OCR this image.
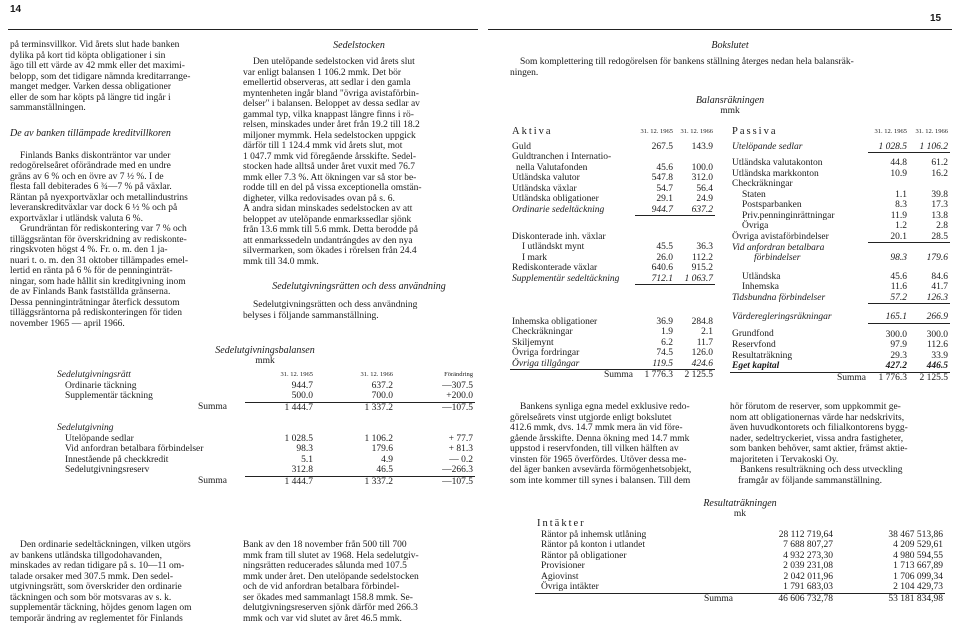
14
15
på terminsvillkor. Vid årets slut hade banken
dylika på kort tid köpta obligationer i sin
ägo till ett värde av 42 mmk eller det maximi-
belopp, som det tidigare nämnda kreditarrange-
manget medger. Varken dessa obligationer
eller de som har köpts på längre tid ingår i
sammanställningen.
De av banken tillämpade kreditvillkoren
Finlands Banks diskonträntor var under
redogörelseåret oförändrade med en undre
gräns av 6 % och en övre av 7 ½ %. I de
flesta fall debiterades 6 ¾—7 % på växlar.
Räntan på nyexportväxlar och metallindustrins
leveranskreditväxlar var dock 6 ½ % och på
exportväxlar i utländsk valuta 6 %.
Grundräntan för rediskontering var 7 % och
tilläggsräntan för överskridning av rediskonte-
ringskvoten högst 4 %. Fr. o. m. den 1 ja-
nuari t. o. m. den 31 oktober tillämpades emel-
lertid en ränta på 6 % för de penninginträt-
ningar, som hade hållit sin kreditgivning inom
de av Finlands Bank fastställda gränserna.
Dessa penninginträtningar återfick dessutom
tilläggsräntorna på rediskonteringen för tiden
november 1965 — april 1966.
Sedelstocken
Den utelöpande sedelstocken vid årets slut
var enligt balansen 1 106.2 mmk. Det bör
emellertid observeras, att sedlar i den gamla
myntenheten ingår bland "övriga avistaförbin-
delser" i balansen. Beloppet av dessa sedlar av
gammal typ, vilka knappast längre finns i rö-
relsen, minskades under året från 19.2 till 18.2
miljoner mymmk. Hela sedelstocken uppgick
därför till 1 124.4 mmk vid årets slut, mot
1 047.7 mmk vid föregående årsskifte. Sedel-
stocken hade alltså under året vuxit med 76.7
mmk eller 7.3 %. Att ökningen var så stor be-
rodde till en del på vissa exceptionella omstän-
digheter, vilka redovisades ovan på s. 6.
Å andra sidan minskades sedelstocken av att
beloppet av utelöpande enmarkssedlar sjönk
från 13.6 mmk till 5.6 mmk. Detta berodde på
att enmarkssedeln undantrángdes av den nya
silvermarken, som ökades i rörelsen från 24.4
mmk till 34.0 mmk.
Sedelutgivningsrätten och dess användning
Sedelutgivningsrätten och dess användning
belyses i följande sammanställning.
Sedelutgivningsbalansen
mmk
Sedelutgivningsrätt	31. 12. 1965	31. 12. 1966	Förändring
Ordinarie täckning	944.7	637.2	—307.5
Supplementär täckning	500.0	700.0	+200.0
Summa	1 444.7	1 337.2	—107.5
Sedelutgivning			
Utelöpande sedlar	1 028.5	1 106.2	+ 77.7
Vid anfordran betalbara förbindelser	98.3	179.6	+ 81.3
Innestående på checkkredit	5.1	4.9	— 0.2
Sedelutgivningsreserv	312.8	46.5	—266.3
Summa	1 444.7	1 337.2	—107.5
Den ordinarie sedeltäckningen, vilken utgörs
av bankens utländska tillgodohavanden,
minskades av redan tidigare på s. 10—11 om-
talade orsaker med 307.5 mmk. Den sedel-
utgivningsrätt, som överskrider den ordinarie
täckningen och som bör motsvaras av s. k.
supplementär täckning, höjdes genom lagen om
temporär ändring av reglementet för Finlands
Bank av den 18 november från 500 till 700
mmk fram till slutet av 1968. Hela sedelutgiv-
ningsrätten reducerades sålunda med 107.5
mmk under året. Den utelöpande sedelstocken
och de vid anfordran betalbara förbindel-
ser ökades med sammanlagt 158.8 mmk. Se-
delutgivningsreserven sjönk därför med 266.3
mmk och var vid slutet av året 46.5 mmk.
Bokslutet
Som komplettering till redogörelsen för bankens ställning återges nedan hela balansräk-
ningen.
Balansräkningen
mmk
Aktiva	31. 12. 1965	31. 12. 1966

Guld	267.5	143.9
Guldtranchen i Internatio-		
nella Valutafonden	45.6	100.0
Utländska valutor	547.8	312.0
Utländska växlar	54.7	56.4
Utländska obligationer	29.1	24.9
Ordinarie sedeltäckning	944.7	637.2

Diskonterade inh. växlar		
I utländskt mynt	45.5	36.3
I mark	26.0	112.2
Rediskonterade växlar	640.6	915.2
Supplementär sedeltäckning	712.1	1 063.7

Inhemska obligationer	36.9	284.8
Checkräkningar	1.9	2.1
Skiljemynt	6.2	11.7
Övriga fordringar	74.5	126.0
Övriga tillgångar	119.5	424.6
Summa	1 776.3	2 125.5
Passiva	31. 12. 1965	31. 12. 1966

Utelöpande sedlar	1 028.5	1 106.2
Utländska valutakonton	44.8	61.2
Utländska markkonton	10.9	16.2
Checkräkningar		
Staten	1.1	39.8
Postsparbanken	8.3	17.3
Priv.penninginrättningar	11.9	13.8
Övriga	1.2	2.8
Övriga avistaförbindelser	20.1	28.5
Vid anfordran betalbara		
förbindelser	98.3	179.6
Utländska	45.6	84.6
Inhemska	11.6	41.7
Tidsbundna förbindelser	57.2	126.3
Värderegleringsräkningar	165.1	266.9
Grundfond	300.0	300.0
Reservfond	97.9	112.6
Resultaträkning	29.3	33.9
Eget kapital	427.2	446.5
Summa	1 776.3	2 125.5
Bankens synliga egna medel exklusive redo-
görelseårets vinst utgjorde enligt bokslutet
412.6 mmk, dvs. 14.7 mmk mera än vid före-
gående årsskifte. Denna ökning med 14.7 mmk
uppstod i reservfonden, till vilken hälften av
vinsten för 1965 överfördes. Utöver dessa me-
del äger banken avsevärda förmögenhetsobjekt,
som inte kommer till synes i balansen. Till dem
hör förutom de reserver, som uppkommit ge-
nom att obligationernas värde har nedskrivits,
även huvudkontorets och filialkontorens bygg-
nader, sedeltryckeriet, vissa andra fastigheter,
som banken behöver, samt aktier, främst aktie-
majoriteten i Tervakoski Oy.
Bankens resulträkning och dess utveckling
framgår av följande sammanställning.
Resultaträkningen
mk
Intäkter		
Räntor på inhemsk utlåning	28 112 719,64	38 467 513,86
Räntor på konton i utlandet	7 688 807,27	4 209 529,61
Räntor på obligationer	4 932 273,30	4 980 594,55
Provisioner	2 039 231,08	1 713 667,89
Agiovinst	2 042 011,96	1 706 099,34
Övriga intäkter	1 791 683,03	2 104 429,73
Summa	46 606 732,78	53 181 834,98
